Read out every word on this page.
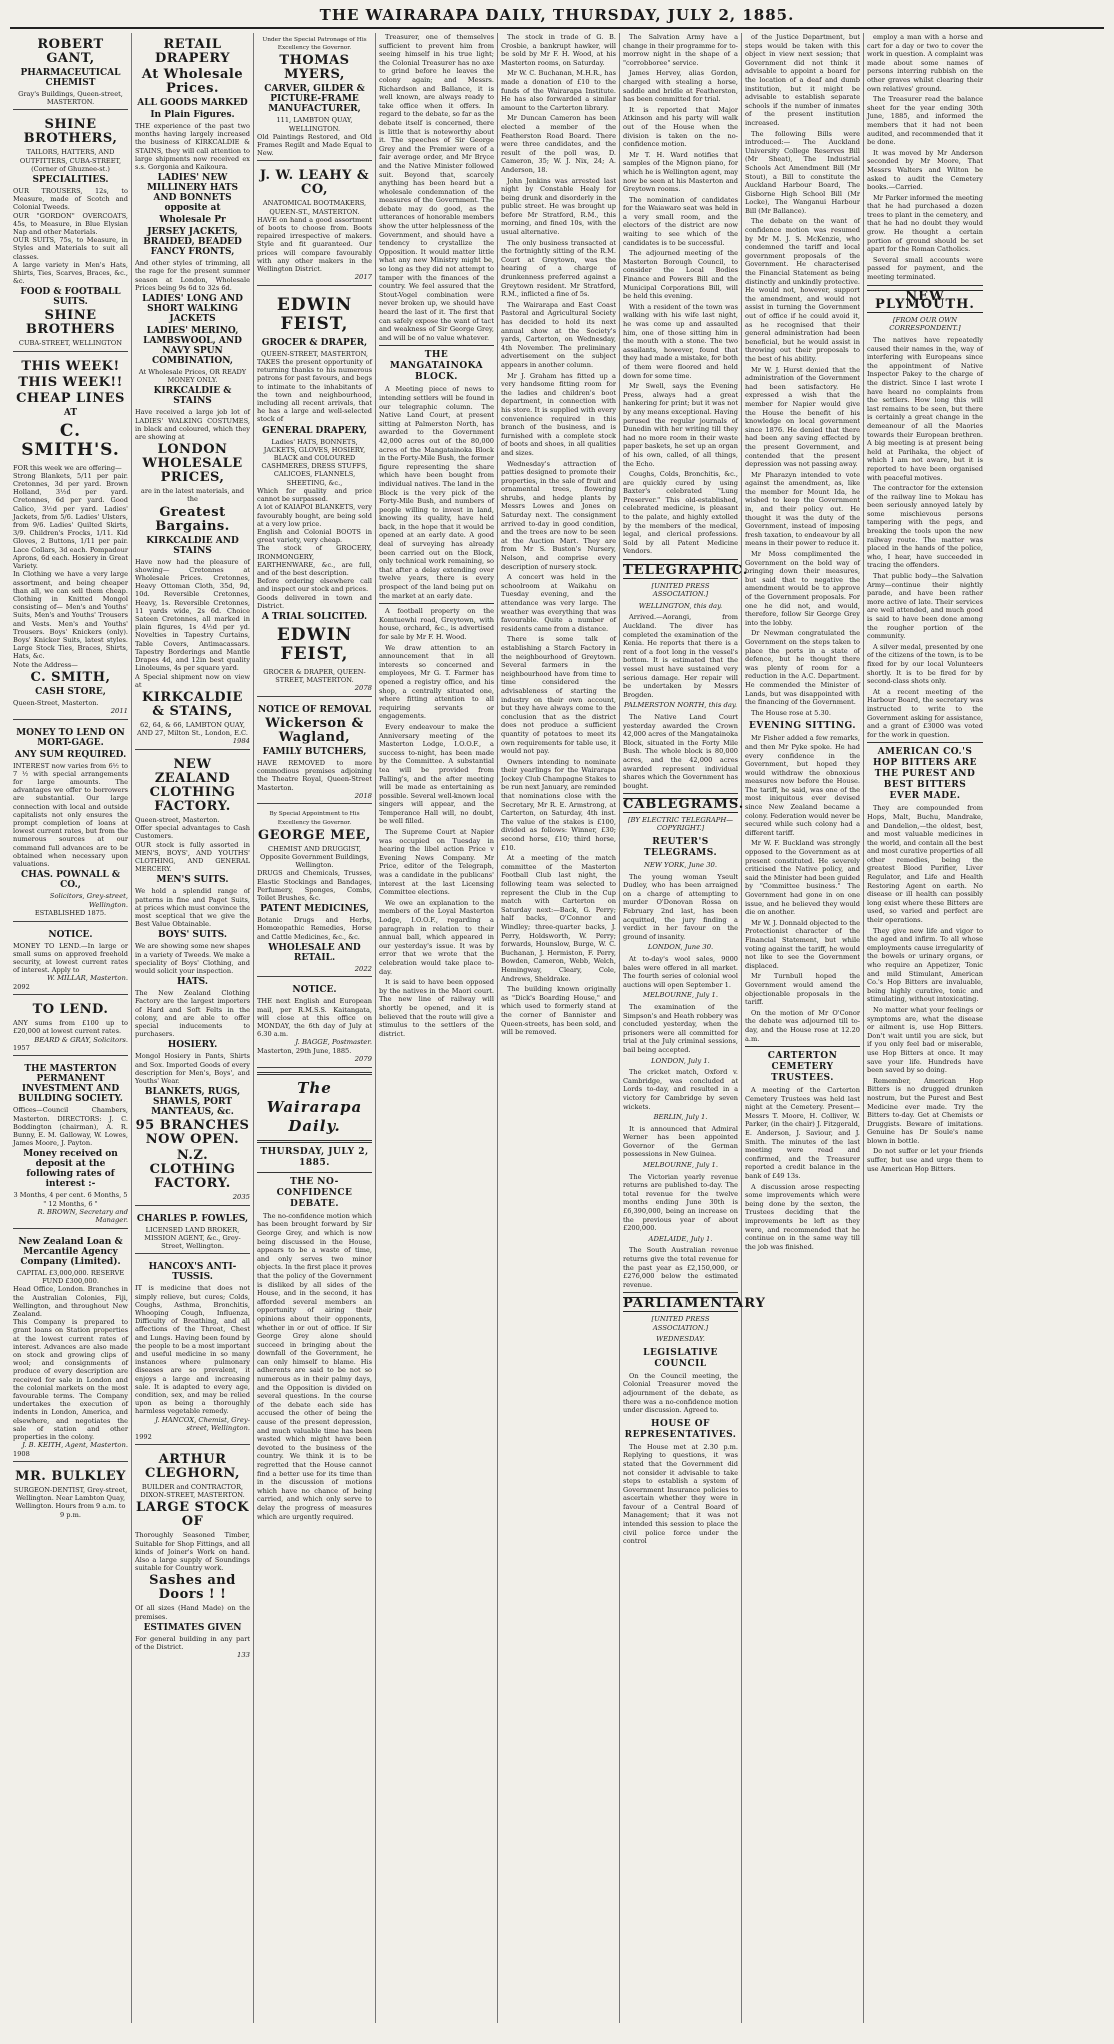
THE WAIRARAPA DAILY, THURSDAY, JULY 2, 1885.
ROBERT GANT,
PHARMACEUTICAL CHEMIST
Gray's Buildings, Queen-street, MASTERTON.
SHINE BROTHERS,
TAILORS, HATTERS, AND OUTFITTERS, CUBA-STREET, (Corner of Ghuznee-st.)
SPECIALITIES.
OUR TROUSERS, 12s, to Measure, made of Scotch and Colonial Tweeds.
OUR "GORDON" OVERCOATS, 45s, to Measure, in Blue Elysian Nap and other Materials.
OUR SUITS, 75s, to Measure, in Styles and Materials to suit all classes.
A large variety in Men's Hats, Shirts, Ties, Scarves, Braces, &c., &c.
FOOD & FOOTBALL SUITS.
SHINE BROTHERS
CUBA-STREET, WELLINGTON
THIS WEEK!
THIS WEEK!!
CHEAP LINES
AT
C. SMITH'S.
FOR this week we are offering—
Strong Blankets, 5/11 per pair. Cretonnes, 3d per yard. Brown Holland, 3½d per yard. Cretonnes, 6d per yard. Good Calico, 3½d per yard. Ladies' Jackets, from 5/6. Ladies' Ulsters, from 9/6. Ladies' Quilted Skirts, 3/9. Children's Frocks, 1/11. Kid Gloves, 2 Buttons, 1/11 per pair. Lace Collars, 3d each. Pompadour Aprons, 6d each. Hosiery in Great Variety.
In Clothing we have a very large assortment, and being cheaper than all, we can sell them cheap. Clothing in Knitted Mongol consisting of— Men's and Youths' Suits, Men's and Youths' Trousers and Vests. Men's and Youths' Trousers. Boys' Knickers (only). Boys' Knicker Suits, latest styles. Large Stock Ties, Braces, Shirts, Hats, &c.
Note the Address—
C. SMITH,
CASH STORE,
Queen-Street, Masterton.
2011
MONEY TO LEND ON MORT-GAGE.
ANY SUM REQUIRED.
INTEREST now varies from 6½ to 7 ½ with special arrangements for large amounts. The advantages we offer to borrowers are substantial. Our large connection with local and outside capitalists not only ensures the prompt completion of loans at lowest current rates, but from the numerous sources at our command full advances are to be obtained when necessary upon valuations.
CHAS. POWNALL & CO.,
Solicitors, Grey-street, Wellington.
ESTABLISHED 1875.
NOTICE.
MONEY TO LEND.—In large or small sums on approved freehold security, at lowest current rates of interest. Apply to
W. MILLAR, Masterton.
2092
TO LEND.
ANY sums from £100 up to £20,000 at lowest current rates.
BEARD & GRAY, Solicitors.
1957
THE MASTERTON PERMANENT INVESTMENT AND BUILDING SOCIETY.
Offices—Council Chambers, Masterton. DIRECTORS: J. C. Boddington (chairman), A. R. Bunny, E. M. Galloway, W. Lowes, James Moore, J. Payton.
Money received on deposit at the following rates of interest :-
3 Months, 4 per cent. 6 Months, 5 " 12 Months, 6 "
R. BROWN, Secretary and Manager.
New Zealand Loan & Mercantile Agency Company (Limited).
CAPITAL £3,000,000. RESERVE FUND £300,000.
Head Office, London. Branches in the Australian Colonies, Fiji, Wellington, and throughout New Zealand.
This Company is prepared to grant loans on Station properties at the lowest current rates of interest. Advances are also made on stock and growing clips of wool; and consignments of produce of every description are received for sale in London and the colonial markets on the most favourable terms. The Company undertakes the execution of indents in London, America, and elsewhere, and negotiates the sale of station and other properties in the colony.
J. B. KEITH, Agent, Masterton.
1908
MR. BULKLEY
SURGEON-DENTIST, Grey-street, Wellington. Near Lambton Quay, Wellington. Hours from 9 a.m. to 9 p.m.
RETAIL DRAPERY
At Wholesale Prices.
ALL GOODS MARKED
In Plain Figures.
THE experience of the past two months having largely increased the business of KIRKCALDIE & STAINS, they will call attention to large shipments now received ex s.s. Gorgonia and Kaikoura.
LADIES' NEW MILLINERY HATS AND BONNETS opposite at
Wholesale Pr
JERSEY JACKETS, BRAIDED, BEADED FANCY FRONTS,
And other styles of trimming, all the rage for the present summer season at London, Wholesale Prices being 9s 6d to 32s 6d.
LADIES' LONG AND SHORT WALKING JACKETS
LADIES' MERINO, LAMBSWOOL, AND NAVY SPUN COMBINATION,
At Wholesale Prices, OR READY MONEY ONLY.
KIRKCALDIE & STAINS
Have received a large job lot of LADIES' WALKING COSTUMES, in black and coloured, which they are showing at
LONDON WHOLESALE PRICES,
are in the latest materials, and the
Greatest Bargains.
KIRKCALDIE AND STAINS
Have now had the pleasure of showing— Cretonnes at Wholesale Prices. Cretonnes, Heavy Ottoman Cloth, 35d, 9d, 10d. Reversible Cretonnes, Heavy, 1s. Reversible Cretonnes, 11 yards wide, 2s 6d. Choice Sateen Cretonnes, all marked in plain figures, 1s 4½d per yd. Novelties in Tapestry Curtains, Table Covers, Antimacassars. Tapestry Borderings and Mantle Drapes 4d, and 12in best quality Linoleums, 4s per square yard.
A Special shipment now on view at
KIRKCALDIE & STAINS,
62, 64, & 66, LAMBTON QUAY, AND 27, Milton St., London, E.C.
1984
NEW ZEALAND CLOTHING FACTORY.
Queen-street, Masterton.
Offer special advantages to Cash Customers.
OUR stock is fully assorted in MEN'S, BOYS', AND YOUTHS' CLOTHING, AND GENERAL MERCERY.
MEN'S SUITS.
We hold a splendid range of patterns in fine and Paget Suits, at prices which must convince the most sceptical that we give the Best Value Obtainable.
BOYS' SUITS.
We are showing some new shapes in a variety of Tweeds. We make a speciality of Boys' Clothing, and would solicit your inspection.
HATS.
The New Zealand Clothing Factory are the largest importers of Hard and Soft Felts in the colony, and are able to offer special inducements to purchasers.
HOSIERY.
Mongol Hosiery in Pants, Shirts and Sox. Imported Goods of every description for Men's, Boys', and Youths' Wear.
BLANKETS, RUGS, SHAWLS, PORT MANTEAUS, &c.
95 BRANCHES NOW OPEN.
N.Z. CLOTHING FACTORY.
2035
CHARLES P. FOWLES,
LICENSED LAND BROKER, MISSION AGENT, &c., Grey-Street, Wellington.
HANCOX'S ANTI-TUSSIS.
IT is medicine that does not simply relieve, but cures; Colds, Coughs, Asthma, Bronchitis, Whooping Cough, Influenza, Difficulty of Breathing, and all affections of the Throat, Chest and Lungs. Having been found by the people to be a most important and useful medicine in so many instances where pulmonary diseases are so prevalent, it enjoys a large and increasing sale. It is adapted to every age, condition, sex, and may be relied upon as being a thoroughly harmless vegetable remedy.
J. HANCOX, Chemist, Grey-street, Wellington.
1992
ARTHUR CLEGHORN,
BUILDER and CONTRACTOR, DIXON-STREET, MASTERTON.
LARGE STOCK OF
Thoroughly Seasoned Timber, Suitable for Shop Fittings, and all kinds of Joiner's Work on hand. Also a large supply of Soundings suitable for Country work.
Sashes and Doors ! !
Of all sizes (Hand Made) on the premises.
ESTIMATES GIVEN
For general building in any part of the District.
133
Under the Special Patronage of His Excellency the Governor.
THOMAS MYERS,
CARVER, GILDER & PICTURE-FRAME MANUFACTURER,
111, LAMBTON QUAY, WELLINGTON.
Old Paintings Restored, and Old Frames Regilt and Made Equal to New.
J. W. LEAHY & CO,
ANATOMICAL BOOTMAKERS, QUEEN-ST., MASTERTON.
HAVE on hand a good assortment of boots to choose from. Boots repaired irrespective of makers. Style and fit guaranteed. Our prices will compare favourably with any other makers in the Wellington District.
2017
EDWIN FEIST,
GROCER & DRAPER,
QUEEN-STREET, MASTERTON,
TAKES the present opportunity of returning thanks to his numerous patrons for past favours, and begs to intimate to the inhabitants of the town and neighbourhood, including all recent arrivals, that he has a large and well-selected stock of
GENERAL DRAPERY,
Ladies' HATS, BONNETS, JACKETS, GLOVES, HOSIERY, BLACK and COLOURED CASHMERES, DRESS STUFFS, CALICOES, FLANNELS, SHEETING, &c.,
Which for quality and price cannot be surpassed.
A lot of KAIAPOI BLANKETS, very favourably bought, are being sold at a very low price.
English and Colonial BOOTS in great variety, very cheap.
The stock of GROCERY, IRONMONGERY, EARTHENWARE, &c., are full, and of the best description.
Before ordering elsewhere call and inspect our stock and prices.
Goods delivered in town and District.
A TRIAL SOLICITED.
EDWIN FEIST,
GROCER & DRAPER, QUEEN-STREET, MASTERTON.
2078
NOTICE OF REMOVAL
Wickerson & Wagland,
FAMILY BUTCHERS,
HAVE REMOVED to more commodious premises adjoining the Theatre Royal, Queen-Street Masterton.
2018
By Special Appointment to His Excellency the Governor.
GEORGE MEE,
CHEMIST AND DRUGGIST, Opposite Government Buildings, Wellington.
DRUGS and Chemicals, Trusses, Elastic Stockings and Bandages, Perfumery, Sponges, Combs, Toilet Brushes, &c.
PATENT MEDICINES,
Botanic Drugs and Herbs, Homœopathic Remedies, Horse and Cattle Medicines, &c., &c.
WHOLESALE AND RETAIL.
2022
NOTICE.
THE next English and European mail, per R.M.S.S. Kaitangata, will close at this office on MONDAY, the 6th day of July at 6.30 a.m.
J. BAGGE, Postmaster.
Masterton, 29th June, 1885.
2079
The Wairarapa Daily.
THURSDAY, JULY 2, 1885.
THE NO-CONFIDENCE DEBATE.

The no-confidence motion which has been brought forward by Sir George Grey, and which is now being discussed in the House, appears to be a waste of time, and only serves two minor objects. In the first place it proves that the policy of the Government is disliked by all sides of the House, and in the second, it has afforded several members an opportunity of airing their opinions about their opponents, whether in or out of office. If Sir George Grey alone should succeed in bringing about the downfall of the Government, he can only himself to blame. His adherents are said to be not so numerous as in their palmy days, and the Opposition is divided on several questions. In the course of the debate each side has accused the other of being the cause of the present depression, and much valuable time has been wasted which might have been devoted to the business of the country. We think it is to be regretted that the House cannot find a better use for its time than in the discussion of motions which have no chance of being carried, and which only serve to delay the progress of measures which are urgently required.

Treasurer, one of themselves sufficient to prevent him from seeing himself in his true light; the Colonial Treasurer has no axe to grind before he leaves the colony again; and Messrs. Richardson and Ballance, it is well known, are always ready to take office when it offers. In regard to the debate, so far as the debate itself is concerned, there is little that is noteworthy about it. The speeches of Sir George Grey and the Premier were of a fair average order, and Mr Bryce and the Native Minister followed suit. Beyond that, scarcely anything has been heard but a wholesale condemnation of the measures of the Government. The debate may do good, as the utterances of honorable members show the utter helplessness of the Government, and should have a tendency to crystallize the Opposition. It would matter little what any new Ministry might be, so long as they did not attempt to tamper with the finances of the country. We feel assured that the Stout-Vogel combination were never broken up, we should have heard the last of it. The first that can safely expose the want of tact and weakness of Sir George Grey, and will be of no value whatever.

THE MANGATAINOKA BLOCK.

A Meeting piece of news to intending settlers will be found in our telegraphic column. The Native Land Court, at present sitting at Palmerston North, has awarded to the Government 42,000 acres out of the 80,000 acres of the Mangatainoka Block in the Forty-Mile Bush, the former figure representing the share which have been bought from individual natives. The land in the Block is the very pick of the Forty-Mile Bush, and numbers of people willing to invest in land, knowing its quality, have held back, in the hope that it would be opened at an early date. A good deal of surveying has already been carried out on the Block, only technical work remaining, so that after a delay extending over twelve years, there is every prospect of the land being put on the market at an early date.

A football property on the Komtuewhi road, Greytown, with house, orchard, &c., is advertised for sale by Mr F. H. Wood.

We draw attention to an announcement that in all interests so concerned and employees, Mr G. T. Farmer has opened a registry office, and his shop, a centrally situated one, where fitting attention to all requiring servants or engagements.

Every endeavour to make the Anniversary meeting of the Masterton Lodge, I.O.O.F., a success to-night, has been made by the Committee. A substantial tea will be provided from Palling's, and the after meeting will be made as entertaining as possible. Several well-known local singers will appear, and the Temperance Hall will, no doubt, be well filled.

The Supreme Court at Napier was occupied on Tuesday in hearing the libel action Price v Evening News Company. Mr Price, editor of the Telegraph, was a candidate in the publicans' interest at the last Licensing Committee elections.

We owe an explanation to the members of the Loyal Masterton Lodge, I.O.O.F., regarding a paragraph in relation to their annual ball, which appeared in our yesterday's issue. It was by error that we wrote that the celebration would take place to-day.

It is said to have been opposed by the natives in the Maori court. The new line of railway will shortly be opened, and it is believed that the route will give a stimulus to the settlers of the district.

The stock in trade of G. B. Crosbie, a bankrupt hawker, will be sold by Mr F. H. Wood, at his Masterton rooms, on Saturday.

Mr W. C. Buchanan, M.H.R., has made a donation of £10 to the funds of the Wairarapa Institute. He has also forwarded a similar amount to the Carterton library.

Mr Duncan Cameron has been elected a member of the Featherston Road Board. There were three candidates, and the result of the poll was, D. Cameron, 35; W. J. Nix, 24; A. Anderson, 18.

John Jenkins was arrested last night by Constable Healy for being drunk and disorderly in the public street. He was brought up before Mr Stratford, R.M., this morning, and fined 10s, with the usual alternative.

The only business transacted at the fortnightly sitting of the R.M. Court at Greytown, was the hearing of a charge of drunkenness preferred against a Greytown resident. Mr Stratford, R.M., inflicted a fine of 5s.

The Wairarapa and East Coast Pastoral and Agricultural Society has decided to hold its next annual show at the Society's yards, Carterton, on Wednesday, 4th November. The preliminary advertisement on the subject appears in another column.

Mr J. Graham has fitted up a very handsome fitting room for the ladies and children's boot department, in connection with his store. It is supplied with every convenience required in this branch of the business, and is furnished with a complete stock of boots and shoes, in all qualities and sizes.

Wednesday's attraction of patties designed to promote their properties, in the sale of fruit and ornamental trees, flowering shrubs, and hedge plants by Messrs Lowes and Jones on Saturday next. The consignment arrived to-day in good condition, and the trees are now to be seen at the Auction Mart. They are from Mr S. Buston's Nursery, Nelson, and comprise every description of nursery stock.

A concert was held in the schoolroom at Waikahu on Tuesday evening, and the attendance was very large. The weather was everything that was favourable. Quite a number of residents came from a distance.

There is some talk of establishing a Starch Factory in the neighbourhood of Greytown. Several farmers in the neighbourhood have from time to time considered the advisableness of starting the industry on their own account, but they have always come to the conclusion that as the district does not produce a sufficient quantity of potatoes to meet its own requirements for table use, it would not pay.

Owners intending to nominate their yearlings for the Wairarapa Jockey Club Champagne Stakes to be run next January, are reminded that nominations close with the Secretary, Mr R. E. Armstrong, at Carterton, on Saturday, 4th inst. The value of the stakes is £100, divided as follows: Winner, £30; second horse, £10; third horse, £10.

At a meeting of the match committee of the Masterton Football Club last night, the following team was selected to represent the Club in the Cup match with Carterton on Saturday next:—Back, G. Perry; half backs, O'Connor and Windley; three-quarter backs, J. Perry, Holdsworth, W. Perry; forwards, Hounslow, Burge, W. C. Buchanan, J. Hermiston, F. Perry, Bowden, Cameron, Webb, Welch, Hemingway, Cleary, Cole, Andrews, Sheldrake.

The building known originally as "Dick's Boarding House," and which used to formerly stand at the corner of Bannister and Queen-streets, has been sold, and will be removed.

The Salvation Army have a change in their programme for to-morrow night in the shape of a "corrobboree" service.

James Hervey, alias Gordon, charged with stealing a horse, saddle and bridle at Featherston, has been committed for trial.

It is reported that Major Atkinson and his party will walk out of the House when the division is taken on the no-confidence motion.

Mr T. H. Ward notifies that samples of the Mignon piano, for which he is Wellington agent, may now be seen at his Masterton and Greytown rooms.

The nomination of candidates for the Waiawaro seat was held in a very small room, and the electors of the district are now waiting to see which of the candidates is to be successful.

The adjourned meeting of the Masterton Borough Council, to consider the Local Bodies Finance and Powers Bill and the Municipal Corporations Bill, will be held this evening.

With a resident of the town was walking with his wife last night, he was come up and assaulted him, one of those sitting him in the mouth with a stone. The two assailants, however, found that they had made a mistake, for both of them were floored and held down for some time.

Mr Swell, says the Evening Press, always had a great hankering for print; but it was not by any means exceptional. Having perused the regular journals of Dunedin with her writing till they had no more room in their waste paper baskets, he set up an organ of his own, called, of all things, the Echo.

Coughs, Colds, Bronchitis, &c., are quickly cured by using Baxter's celebrated "Lung Preserver." This old-established, celebrated medicine, is pleasant to the palate, and highly extolled by the members of the medical, legal, and clerical professions. Sold by all Patent Medicine Vendors.

TELEGRAPHIC.
[UNITED PRESS ASSOCIATION.]
WELLINGTON, this day.

Arrived.—Aorangi, from Auckland. The diver has completed the examination of the Kenia. He reports that there is a rent of a foot long in the vessel's bottom. It is estimated that the vessel must have sustained very serious damage. Her repair will be undertaken by Messrs Brogden.

PALMERSTON NORTH, this day.

The Native Land Court yesterday awarded the Crown 42,000 acres of the Mangatainoka Block, situated in the Forty Mile Bush. The whole block is 80,000 acres, and the 42,000 acres awarded represent individual shares which the Government has bought.

CABLEGRAMS.
[BY ELECTRIC TELEGRAPH—COPYRIGHT.]
REUTER'S TELEGRAMS.
NEW YORK, June 30.

The young woman Yseult Dudley, who has been arraigned on a charge of attempting to murder O'Donovan Rossa on February 2nd last, has been acquitted, the jury finding a verdict in her favour on the ground of insanity.

LONDON, June 30.

At to-day's wool sales, 9000 bales were offered in all market. The fourth series of colonial wool auctions will open September 1.

MELBOURNE, July 1.

The examination of the Simpson's and Heath robbery was concluded yesterday, when the prisoners were all committed for trial at the July criminal sessions, bail being accepted.

LONDON, July 1.

The cricket match, Oxford v. Cambridge, was concluded at Lords to-day, and resulted in a victory for Cambridge by seven wickets.

BERLIN, July 1.

It is announced that Admiral Werner has been appointed Governor of the German possessions in New Guinea.

MELBOURNE, July 1.

The Victorian yearly revenue returns are published to-day. The total revenue for the twelve months ending June 30th is £6,390,000, being an increase on the previous year of about £200,000.

ADELAIDE, July 1.

The South Australian revenue returns give the total revenue for the past year as £2,150,000, or £276,000 below the estimated revenue.

PARLIAMENTARY
[UNITED PRESS ASSOCIATION.]
WEDNESDAY.
LEGISLATIVE COUNCIL

On the Council meeting, the Colonial Treasurer moved the adjournment of the debate, as there was a no-confidence motion under discussion. Agreed to.

HOUSE OF REPRESENTATIVES.

The House met at 2.30 p.m. Replying to questions, it was stated that the Government did not consider it advisable to take steps to establish a system of Government Insurance policies to ascertain whether they were in favour of a Central Board of Management; that it was not intended this session to place the civil police force under the control

of the Justice Department, but steps would be taken with this object in view next session; that Government did not think it advisable to appoint a board for the location of a deaf and dumb institution, but it might be advisable to establish separate schools if the number of inmates of the present institution increased.

The following Bills were introduced:— The Auckland University College Reserves Bill (Mr Sheat), The Industrial Schools Act Amendment Bill (Mr Stout), a Bill to constitute the Auckland Harbour Board, The Gisborne High School Bill (Mr Locke), The Wanganui Harbour Bill (Mr Ballance).

The debate on the want of confidence motion was resumed by Mr M. J. S. McKenzie, who condemned the tariff and local government proposals of the Government. He characterised the Financial Statement as being distinctly and unkindly protective. He would not, however, support the amendment, and would not assist in turning the Government out of office if he could avoid it, as he recognised that their general administration had been beneficial, but he would assist in throwing out their proposals to the best of his ability.

Mr W. J. Hurst denied that the administration of the Government had been satisfactory. He expressed a wish that the member for Napier would give the House the benefit of his knowledge on local government since 1876. He denied that there had been any saving effected by the present Government, and contended that the present depression was not passing away.

Mr Pharazyn intended to vote against the amendment, as, like the member for Mount Ida, he wished to keep the Government in, and their policy out. He thought it was the duty of the Government, instead of imposing fresh taxation, to endeavour by all means in their power to reduce it.

Mr Moss complimented the Government on the bold way of bringing down their measures, but said that to negative the amendment would be to approve of the Government proposals. For one he did not, and would, therefore, follow Sir George Grey into the lobby.

Dr Newman congratulated the Government on the steps taken to place the ports in a state of defence, but he thought there was plenty of room for a reduction in the A.C. Department. He commended the Minister of Lands, but was disappointed with the financing of the Government.

The House rose at 5.30.

EVENING SITTING.

Mr Fisher added a few remarks, and then Mr Pyke spoke. He had every confidence in the Government, but hoped they would withdraw the obnoxious measures now before the House. The tariff, he said, was one of the most iniquitous ever devised since New Zealand became a colony. Federation would never be secured while such colony had a different tariff.

Mr W. F. Buckland was strongly opposed to the Government as at present constituted. He severely criticised the Native policy, and said the Minister had been guided by "Committee business." The Government had gone in on one issue, and he believed they would die on another.

Mr W. J. Donnald objected to the Protectionist character of the Financial Statement, but while voting against the tariff, he would not like to see the Government displaced.

Mr Turnbull hoped the Government would amend the objectionable proposals in the tariff.

On the motion of Mr O'Conor the debate was adjourned till to-day, and the House rose at 12.20 a.m.

CARTERTON CEMETERY TRUSTEES.

A meeting of the Carterton Cemetery Trustees was held last night at the Cemetery. Present—Messrs T. Moore, H. Colliver, W. Parker, (in the chair) J. Fitzgerald, E. Anderson, J. Saviour, and J. Smith. The minutes of the last meeting were read and confirmed, and the Treasurer reported a credit balance in the bank of £49 13s.

A discussion arose respecting some improvements which were being done by the sexton, the Trustees deciding that the improvements be left as they were, and recommended that he continue on in the same way till the job was finished.

employ a man with a horse and cart for a day or two to cover the work in question. A complaint was made about some names of persons interring rubbish on the other graves whilst clearing their own relatives' ground.

The Treasurer read the balance sheet for the year ending 30th June, 1885, and informed the members that it had not been audited, and recommended that it be done.

It was moved by Mr Anderson seconded by Mr Moore, That Messrs Walters and Wilton be asked to audit the Cemetery books.—Carried.

Mr Parker informed the meeting that he had purchased a dozen trees to plant in the cemetery, and that he had no doubt they would grow. He thought a certain portion of ground should be set apart for the Roman Catholics.

Several small accounts were passed for payment, and the meeting terminated.

NEW PLYMOUTH.
[FROM OUR OWN CORRESPONDENT.]

The natives have repeatedly caused their names in the, way of interfering with Europeans since the appointment of Native Inspector Pakey to the charge of the district. Since I last wrote I have heard no complaints from the settlers. How long this will last remains to be seen, but there is certainly a great change in the demeanour of all the Maories towards their European brethren. A big meeting is at present being held at Parihaka, the object of which I am not aware, but it is reported to have been organised with peaceful motives.

The contractor for the extension of the railway line to Mokau has been seriously annoyed lately by some mischievous persons tampering with the pegs, and breaking the tools upon the new railway route. The matter was placed in the hands of the police, who, I hear, have succeeded in tracing the offenders.

That public body—the Salvation Army—continue their nightly parade, and have been rather more active of late. Their services are well attended, and much good is said to have been done among the rougher portion of the community.

A silver medal, presented by one of the citizens of the town, is to be fixed for by our local Volunteers shortly. It is to be fired for by second-class shots only.

At a recent meeting of the Harbour Board, the secretary was instructed to write to the Government asking for assistance, and a grant of £3000 was voted for the work in question.

AMERICAN CO.'S HOP BITTERS ARE THE PUREST AND BEST BITTERS EVER MADE.

They are compounded from Hops, Malt, Buchu, Mandrake, and Dandelion,—the oldest, best, and most valuable medicines in the world, and contain all the best and most curative properties of all other remedies, being the greatest Blood Purifier, Liver Regulator, and Life and Health Restoring Agent on earth. No disease or ill health can possibly long exist where these Bitters are used, so varied and perfect are their operations.

They give new life and vigor to the aged and infirm. To all whose employments cause irregularity of the bowels or urinary organs, or who require an Appetizer, Tonic and mild Stimulant, American Co.'s Hop Bitters are invaluable, being highly curative, tonic and stimulating, without intoxicating.

No matter what your feelings or symptoms are, what the disease or ailment is, use Hop Bitters. Don't wait until you are sick, but if you only feel bad or miserable, use Hop Bitters at once. It may save your life. Hundreds have been saved by so doing.

Remember, American Hop Bitters is no drugged drunken nostrum, but the Purest and Best Medicine ever made. Try the Bitters to-day. Get at Chemists or Druggists. Beware of imitations. Genuine has Dr Soule's name blown in bottle.

Do not suffer or let your friends suffer, but use and urge them to use American Hop Bitters.
